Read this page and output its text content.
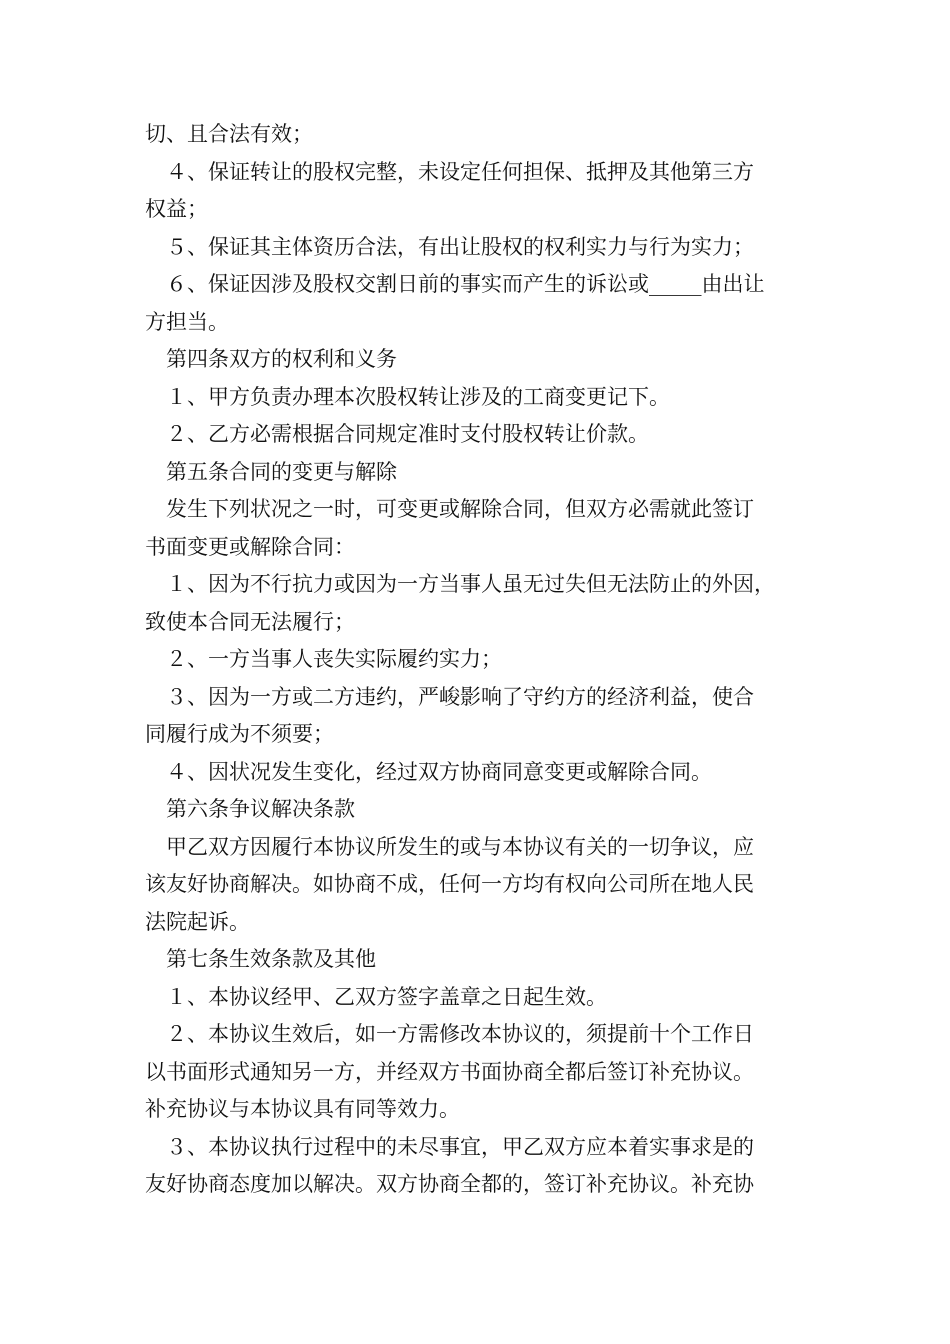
切、且合法有效；
　４、保证转让的股权完整，未设定任何担保、抵押及其他第三方
权益；
　５、保证其主体资历合法，有出让股权的权利实力与行为实力；
　６、保证因涉及股权交割日前的事实而产生的诉讼或_____由出让
方担当。
　第四条双方的权利和义务
　１、甲方负责办理本次股权转让涉及的工商变更记下。
　２、乙方必需根据合同规定准时支付股权转让价款。
　第五条合同的变更与解除
　发生下列状况之一时，可变更或解除合同，但双方必需就此签订
书面变更或解除合同：
　１、因为不行抗力或因为一方当事人虽无过失但无法防止的外因，
致使本合同无法履行；
　２、一方当事人丧失实际履约实力；
　３、因为一方或二方违约，严峻影响了守约方的经济利益，使合
同履行成为不须要；
　４、因状况发生变化，经过双方协商同意变更或解除合同。
　第六条争议解决条款
　甲乙双方因履行本协议所发生的或与本协议有关的一切争议，应
该友好协商解决。如协商不成，任何一方均有权向公司所在地人民
法院起诉。
　第七条生效条款及其他
　１、本协议经甲、乙双方签字盖章之日起生效。
　２、本协议生效后，如一方需修改本协议的，须提前十个工作日
以书面形式通知另一方，并经双方书面协商全都后签订补充协议。
补充协议与本协议具有同等效力。
　３、本协议执行过程中的未尽事宜，甲乙双方应本着实事求是的
友好协商态度加以解决。双方协商全都的，签订补充协议。补充协
